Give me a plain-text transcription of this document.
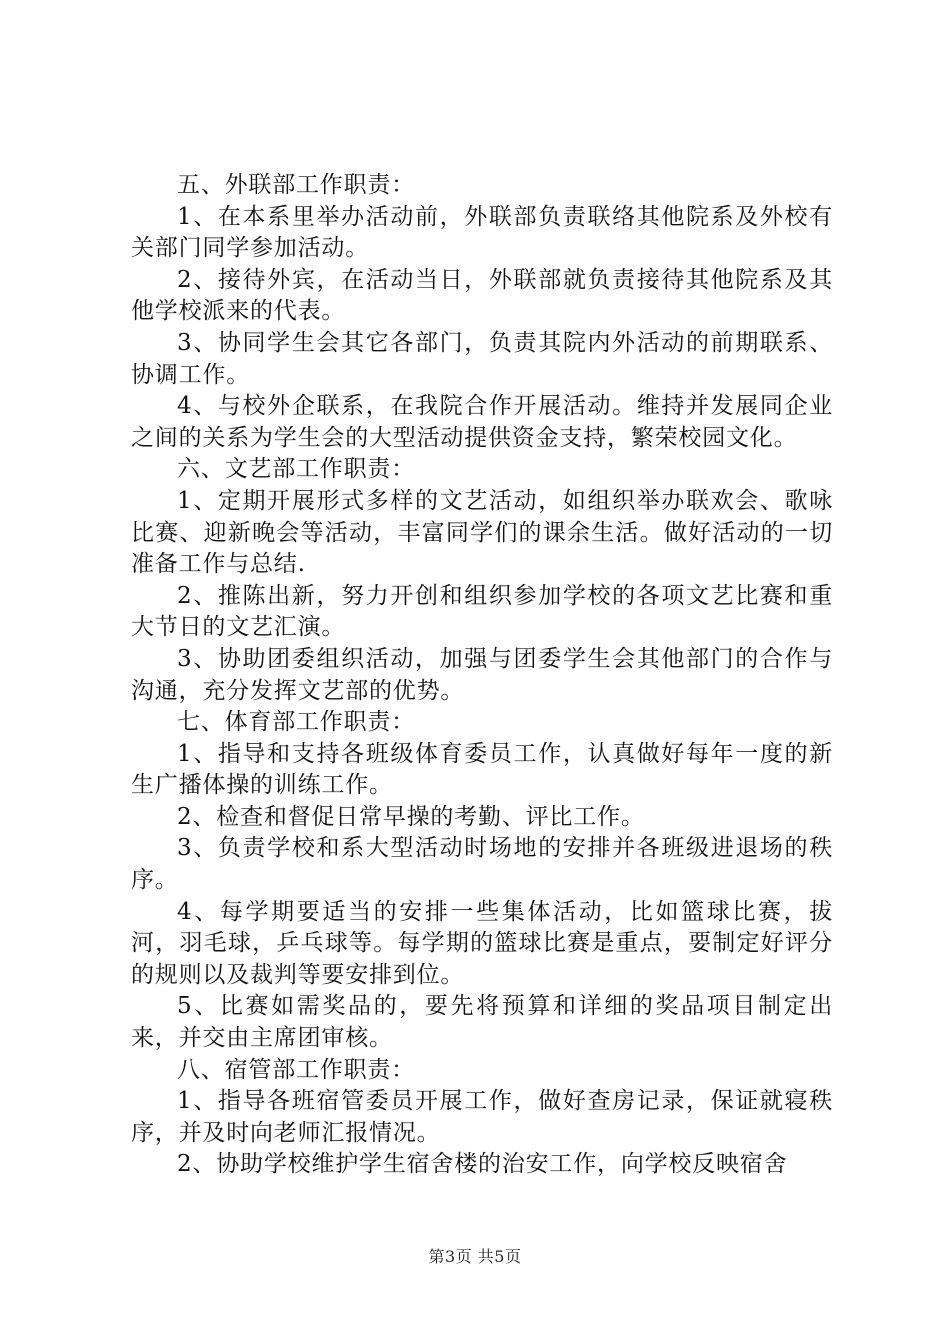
五、外联部工作职责：

1、在本系里举办活动前，外联部负责联络其他院系及外校有关部门同学参加活动。

2、接待外宾，在活动当日，外联部就负责接待其他院系及其他学校派来的代表。

3、协同学生会其它各部门，负责其院内外活动的前期联系、协调工作。

4、与校外企联系，在我院合作开展活动。维持并发展同企业之间的关系为学生会的大型活动提供资金支持，繁荣校园文化。

六、文艺部工作职责：

1、定期开展形式多样的文艺活动，如组织举办联欢会、歌咏比赛、迎新晚会等活动，丰富同学们的课余生活。做好活动的一切准备工作与总结.

2、推陈出新，努力开创和组织参加学校的各项文艺比赛和重大节日的文艺汇演。

3、协助团委组织活动，加强与团委学生会其他部门的合作与沟通，充分发挥文艺部的优势。

七、体育部工作职责：

1、指导和支持各班级体育委员工作，认真做好每年一度的新生广播体操的训练工作。

2、检查和督促日常早操的考勤、评比工作。

3、负责学校和系大型活动时场地的安排并各班级进退场的秩序。

4、每学期要适当的安排一些集体活动，比如篮球比赛，拔河，羽毛球，乒乓球等。每学期的篮球比赛是重点，要制定好评分的规则以及裁判等要安排到位。

5、比赛如需奖品的，要先将预算和详细的奖品项目制定出来，并交由主席团审核。

八、宿管部工作职责：

1、指导各班宿管委员开展工作，做好查房记录，保证就寝秩序，并及时向老师汇报情况。

2、协助学校维护学生宿舍楼的治安工作，向学校反映宿舍

第3页 共5页
